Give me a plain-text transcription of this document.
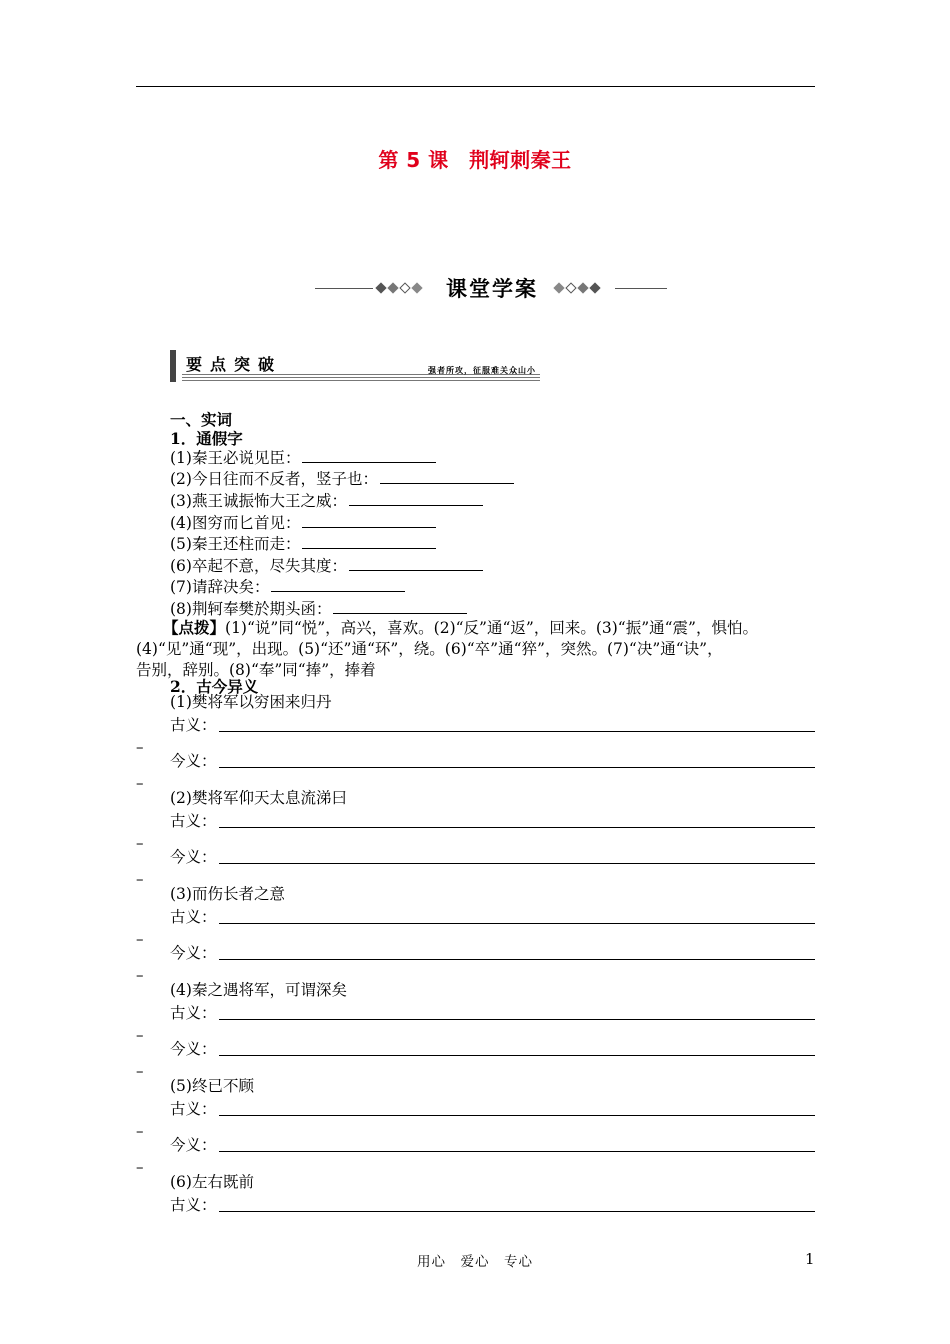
第 5 课　荆轲刺秦王
课堂学案
要点突破	强者所攻，征服难关众山小
一、实词
1．通假字
(1)秦王必说见臣：
(2)今日往而不反者，竖子也：
(3)燕王诚振怖大王之威：
(4)图穷而匕首见：
(5)秦王还柱而走：
(6)卒起不意，尽失其度：
(7)请辞决矣：
(8)荆轲奉樊於期头函：

【点拨】(1)“说”同“悦”，高兴，喜欢。(2)“反”通“返”，回来。(3)“振”通“震”，惧怕。

(4)“见”通“现”，出现。(5)“还”通“环”，绕。(6)“卒”通“猝”，突然。(7)“决”通“诀”，

告别，辞别。(8)“奉”同“捧”，捧着

2．古今异义
(1)樊将军以穷困来归丹
古义：
–
今义：
–
(2)樊将军仰天太息流涕曰
古义：
–
今义：
–
(3)而伤长者之意
古义：
–
今义：
–
(4)秦之遇将军，可谓深矣
古义：
–
今义：
–
(5)终已不顾
古义：
–
今义：
–
(6)左右既前
古义：
用心　爱心　专心	1
